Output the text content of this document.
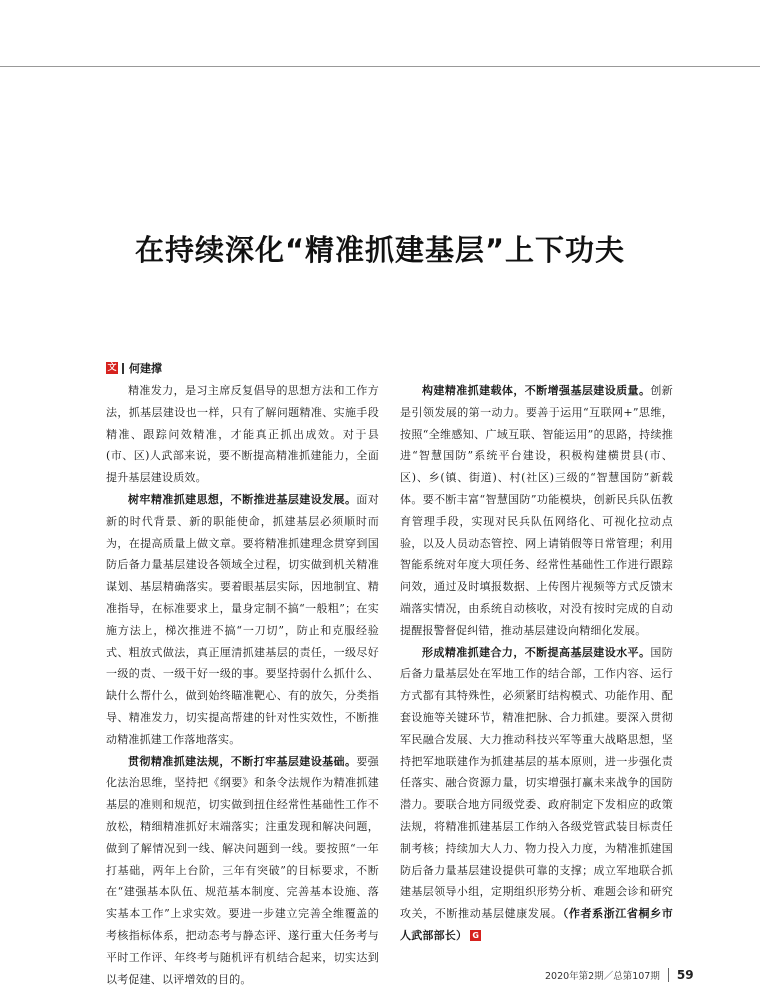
在持续深化“精准抓建基层”上下功夫
文 何建撑

精准发力，是习主席反复倡导的思想方法和工作方法，抓基层建设也一样，只有了解问题精准、实施手段精准、跟踪问效精准，才能真正抓出成效。对于县(市、区)人武部来说，要不断提高精准抓建能力，全面提升基层建设质效。

树牢精准抓建思想，不断推进基层建设发展。面对新的时代背景、新的职能使命，抓建基层必须顺时而为，在提高质量上做文章。要将精准抓建理念贯穿到国防后备力量基层建设各领域全过程，切实做到机关精准谋划、基层精确落实。要着眼基层实际，因地制宜、精准指导，在标准要求上，量身定制不搞“一般粗”；在实施方法上，梯次推进不搞“一刀切”，防止和克服经验式、粗放式做法，真正厘清抓建基层的责任，一级尽好一级的责、一级干好一级的事。要坚持弱什么抓什么、缺什么帮什么，做到始终瞄准靶心、有的放矢，分类指导、精准发力，切实提高帮建的针对性实效性，不断推动精准抓建工作落地落实。

贯彻精准抓建法规，不断打牢基层建设基础。要强化法治思维，坚持把《纲要》和条令法规作为精准抓建基层的准则和规范，切实做到扭住经常性基础性工作不放松，精细精准抓好末端落实；注重发现和解决问题，做到了解情况到一线、解决问题到一线。要按照“一年打基础，两年上台阶，三年有突破”的目标要求，不断在“建强基本队伍、规范基本制度、完善基本设施、落实基本工作”上求实效。要进一步建立完善全维覆盖的考核指标体系，把动态考与静态评、遂行重大任务考与平时工作评、年终考与随机评有机结合起来，切实达到以考促建、以评增效的目的。

构建精准抓建载体，不断增强基层建设质量。创新是引领发展的第一动力。要善于运用“互联网+”思维，按照“全维感知、广域互联、智能运用”的思路，持续推进“智慧国防”系统平台建设，积极构建横贯县(市、区)、乡(镇、街道)、村(社区)三级的“智慧国防”新载体。要不断丰富“智慧国防”功能模块，创新民兵队伍教育管理手段，实现对民兵队伍网络化、可视化拉动点验，以及人员动态管控、网上请销假等日常管理；利用智能系统对年度大项任务、经常性基础性工作进行跟踪问效，通过及时填报数据、上传图片视频等方式反馈末端落实情况，由系统自动核收，对没有按时完成的自动提醒报警督促纠错，推动基层建设向精细化发展。

形成精准抓建合力，不断提高基层建设水平。国防后备力量基层处在军地工作的结合部，工作内容、运行方式都有其特殊性，必须紧盯结构模式、功能作用、配套设施等关键环节，精准把脉、合力抓建。要深入贯彻军民融合发展、大力推动科技兴军等重大战略思想，坚持把军地联建作为抓建基层的基本原则，进一步强化责任落实、融合资源力量，切实增强打赢未来战争的国防潜力。要联合地方同级党委、政府制定下发相应的政策法规，将精准抓建基层工作纳入各级党管武装目标责任制考核；持续加大人力、物力投入力度，为精准抓建国防后备力量基层建设提供可靠的支撑；成立军地联合抓建基层领导小组，定期组织形势分析、难题会诊和研究攻关，不断推动基层健康发展。（作者系浙江省桐乡市人武部部长） G

2020年第2期／总第107期 59
